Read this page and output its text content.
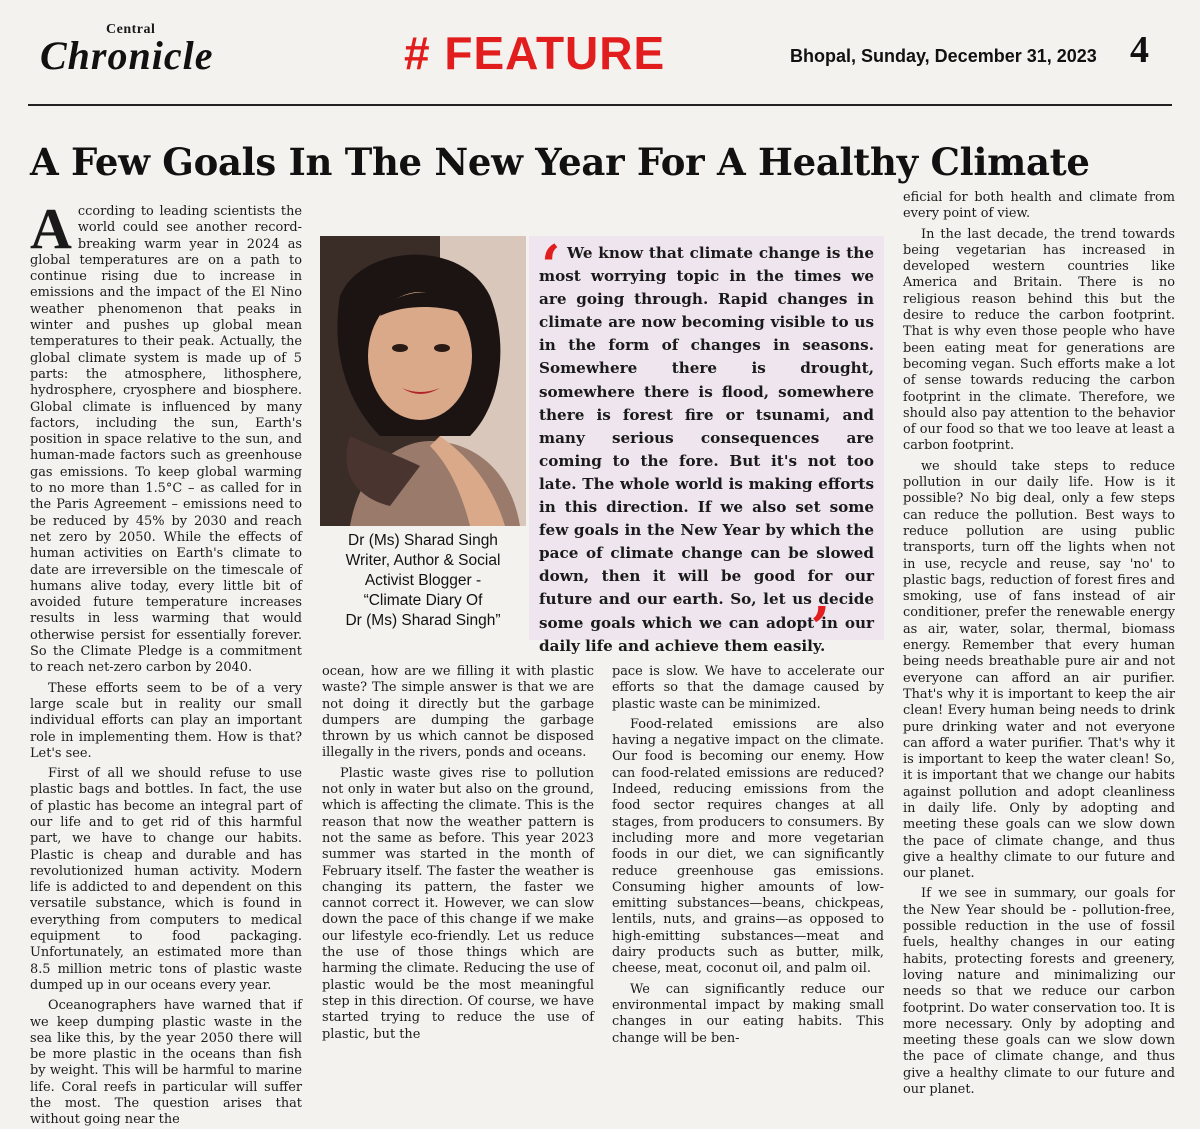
Central
Chronicle	# FEATURE	Bhopal, Sunday, December 31, 2023 4
A Few Goals In The New Year For A Healthy Climate

According to leading scientists the world could see another record-breaking warm year in 2024 as global temperatures are on a path to continue rising due to increase in emissions and the impact of the El Nino weather phenomenon that peaks in winter and pushes up global mean temperatures to their peak. Actually, the global climate system is made up of 5 parts: the atmosphere, lithosphere, hydrosphere, cryosphere and biosphere. Global climate is influenced by many factors, including the sun, Earth's position in space relative to the sun, and human-made factors such as greenhouse gas emissions. To keep global warming to no more than 1.5°C – as called for in the Paris Agreement – emissions need to be reduced by 45% by 2030 and reach net zero by 2050. While the effects of human activities on Earth's climate to date are irreversible on the timescale of humans alive today, every little bit of avoided future temperature increases results in less warming that would otherwise persist for essentially forever. So the Climate Pledge is a commitment to reach net-zero carbon by 2040.

These efforts seem to be of a very large scale but in reality our small individual efforts can play an important role in implementing them. How is that? Let's see.

First of all we should refuse to use plastic bags and bottles. In fact, the use of plastic has become an integral part of our life and to get rid of this harmful part, we have to change our habits. Plastic is cheap and durable and has revolutionized human activity. Modern life is addicted to and dependent on this versatile substance, which is found in everything from computers to medical equipment to food packaging. Unfortunately, an estimated more than 8.5 million metric tons of plastic waste dumped up in our oceans every year.

Oceanographers have warned that if we keep dumping plastic waste in the sea like this, by the year 2050 there will be more plastic in the oceans than fish by weight. This will be harmful to marine life. Coral reefs in particular will suffer the most. The question arises that without going near the

Dr (Ms) Sharad Singh
Writer, Author & Social
Activist Blogger -
“Climate Diary Of
Dr (Ms) Sharad Singh”
‘ We know that climate change is the most worrying topic in the times we are going through. Rapid changes in climate are now becoming visible to us in the form of changes in seasons. Somewhere there is drought, somewhere there is flood, somewhere there is forest fire or tsunami, and many serious consequences are coming to the fore. But it's not too late. The whole world is making efforts in this direction. If we also set some few goals in the New Year by which the pace of climate change can be slowed down, then it will be good for our future and our earth. So, let us decide some goals which we can adopt in our daily life and achieve them easily.
’

ocean, how are we filling it with plastic waste? The simple answer is that we are not doing it directly but the garbage dumpers are dumping the garbage thrown by us which cannot be disposed illegally in the rivers, ponds and oceans.

Plastic waste gives rise to pollution not only in water but also on the ground, which is affecting the climate. This is the reason that now the weather pattern is not the same as before. This year 2023 summer was started in the month of February itself. The faster the weather is changing its pattern, the faster we cannot correct it. However, we can slow down the pace of this change if we make our lifestyle eco-friendly. Let us reduce the use of those things which are harming the climate. Reducing the use of plastic would be the most meaningful step in this direction. Of course, we have started trying to reduce the use of plastic, but the

pace is slow. We have to accelerate our efforts so that the damage caused by plastic waste can be minimized.

Food-related emissions are also having a negative impact on the climate. Our food is becoming our enemy. How can food-related emissions are reduced? Indeed, reducing emissions from the food sector requires changes at all stages, from producers to consumers. By including more and more vegetarian foods in our diet, we can significantly reduce greenhouse gas emissions. Consuming higher amounts of low-emitting substances—beans, chickpeas, lentils, nuts, and grains—as opposed to high-emitting substances—meat and dairy products such as butter, milk, cheese, meat, coconut oil, and palm oil.

We can significantly reduce our environmental impact by making small changes in our eating habits. This change will be ben-

eficial for both health and climate from every point of view.

In the last decade, the trend towards being vegetarian has increased in developed western countries like America and Britain. There is no religious reason behind this but the desire to reduce the carbon footprint. That is why even those people who have been eating meat for generations are becoming vegan. Such efforts make a lot of sense towards reducing the carbon footprint in the climate. Therefore, we should also pay attention to the behavior of our food so that we too leave at least a carbon footprint.

we should take steps to reduce pollution in our daily life. How is it possible? No big deal, only a few steps can reduce the pollution. Best ways to reduce pollution are using public transports, turn off the lights when not in use, recycle and reuse, say 'no' to plastic bags, reduction of forest fires and smoking, use of fans instead of air conditioner, prefer the renewable energy as air, water, solar, thermal, biomass energy. Remember that every human being needs breathable pure air and not everyone can afford an air purifier. That's why it is important to keep the air clean! Every human being needs to drink pure drinking water and not everyone can afford a water purifier. That's why it is important to keep the water clean! So, it is important that we change our habits against pollution and adopt cleanliness in daily life. Only by adopting and meeting these goals can we slow down the pace of climate change, and thus give a healthy climate to our future and our planet.

If we see in summary, our goals for the New Year should be - pollution-free, possible reduction in the use of fossil fuels, healthy changes in our eating habits, protecting forests and greenery, loving nature and minimalizing our needs so that we reduce our carbon footprint. Do water conservation too. It is more necessary. Only by adopting and meeting these goals can we slow down the pace of climate change, and thus give a healthy climate to our future and our planet.
